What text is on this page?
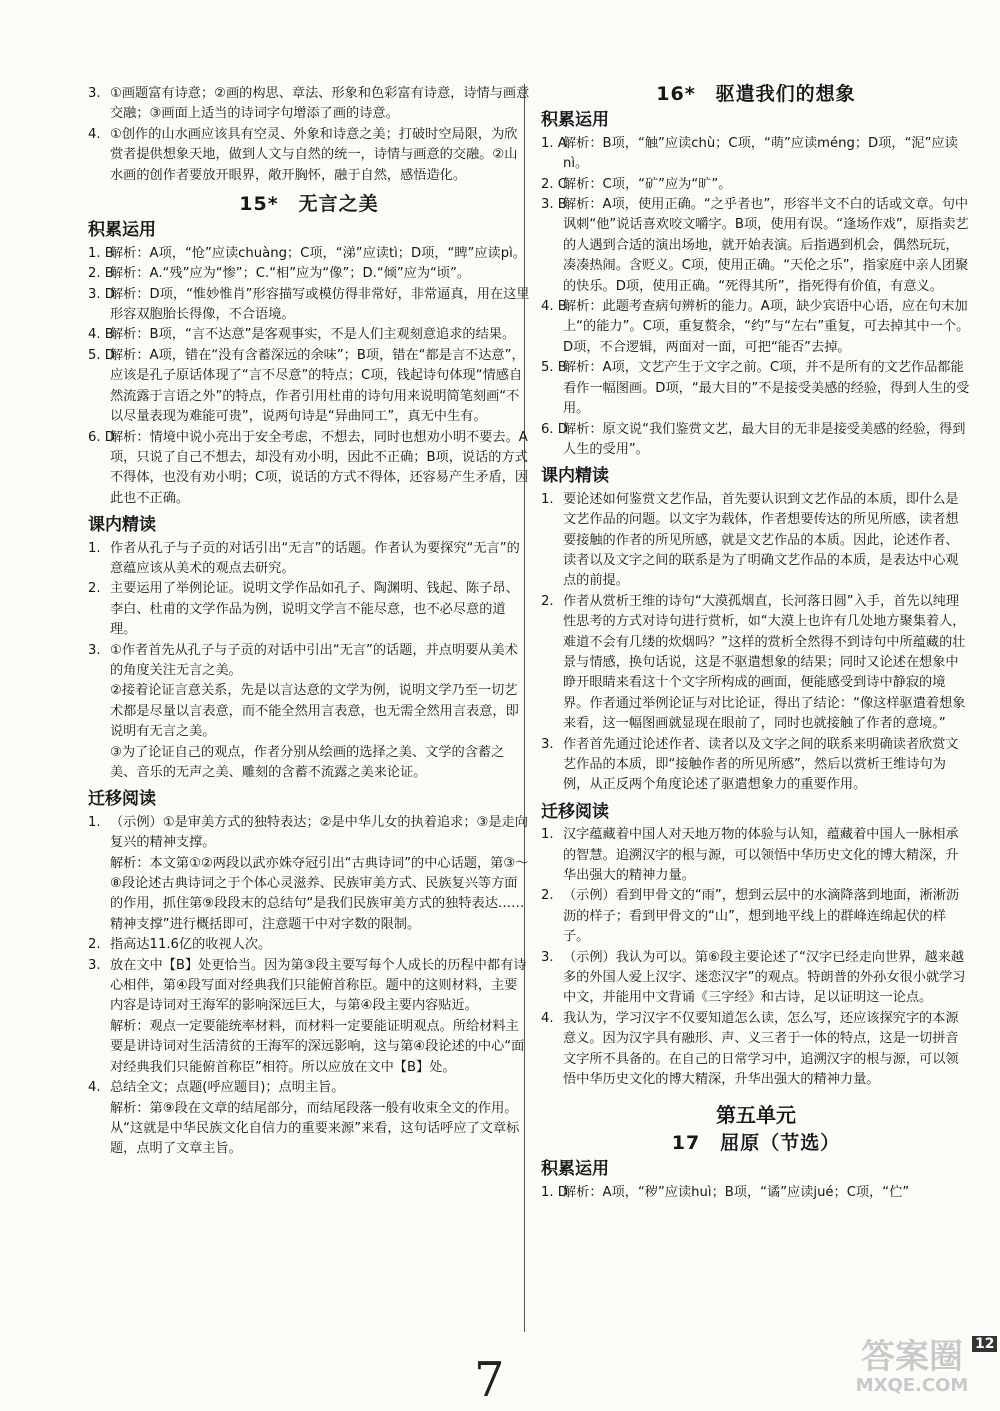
3. ①画题富有诗意；②画的构思、章法、形象和色彩富有诗意，诗情与画意交融；③画面上适当的诗词字句增添了画的诗意。
4. ①创作的山水画应该具有空灵、外象和诗意之美；打破时空局限，为欣赏者提供想象天地，做到人文与自然的统一，诗情与画意的交融。②山水画的创作者要放开眼界，敞开胸怀，融于自然，感悟造化。
15*　无言之美
积累运用
1. B
解析：A项，“怆”应读chuàng；C项，“涕”应读tì；D项，“睥”应读pì。
2. B
解析：A.“残”应为“惨”；C.“相”应为“像”；D.“倾”应为“顷”。
3. D
解析：D项，“惟妙惟肖”形容描写或模仿得非常好，非常逼真，用在这里形容双胞胎长得像，不合语境。
4. B
解析：B项，“言不达意”是客观事实，不是人们主观刻意追求的结果。
5. D
解析：A项，错在“没有含蓄深远的余味”；B项，错在“都是言不达意”，应该是孔子原话体现了“言不尽意”的特点；C项，钱起诗句体现“情感自然流露于言语之外”的特点，作者引用杜甫的诗句用来说明简笔刻画“不以尽量表现为难能可贵”，说两句诗是“异曲同工”，真无中生有。
6. D
解析：情境中说小亮出于安全考虑，不想去，同时也想劝小明不要去。A项，只说了自己不想去，却没有劝小明，因此不正确；B项，说话的方式不得体，也没有劝小明；C项，说话的方式不得体，还容易产生矛盾，因此也不正确。
课内精读
1. 作者从孔子与子贡的对话引出“无言”的话题。作者认为要探究“无言”的意蕴应该从美术的观点去研究。
2. 主要运用了举例论证。说明文学作品如孔子、陶渊明、钱起、陈子昂、李白、杜甫的文学作品为例，说明文学言不能尽意，也不必尽意的道理。
3. ①作者首先从孔子与子贡的对话中引出“无言”的话题，并点明要从美术的角度关注无言之美。

②接着论证言意关系，先是以言达意的文学为例，说明文学乃至一切艺术都是尽量以言表意，而不能全然用言表意，也无需全然用言表意，即说明有无言之美。

③为了论证自己的观点，作者分别从绘画的选择之美、文学的含蓄之美、音乐的无声之美、雕刻的含蓄不流露之美来论证。

迁移阅读
1. （示例）①是审美方式的独特表达；②是中华儿女的执着追求；③是走向复兴的精神支撑。

解析：本文第①②两段以武亦姝夺冠引出“古典诗词”的中心话题，第③～⑧段论述古典诗词之于个体心灵滋养、民族审美方式、民族复兴等方面的作用，抓住第⑨段段末的总结句“是我们民族审美方式的独特表达……精神支撑”进行概括即可，注意题干中对字数的限制。

2. 指高达11.6亿的收视人次。
3. 放在文中【B】处更恰当。因为第③段主要写每个人成长的历程中都有诗心相伴，第④段写面对经典我们只能俯首称臣。题中的这则材料，主要内容是诗词对王海军的影响深远巨大，与第④段主要内容贴近。

解析：观点一定要能统率材料，而材料一定要能证明观点。所给材料主要是讲诗词对生活清贫的王海军的深远影响，这与第④段论述的中心“面对经典我们只能俯首称臣”相符。所以应放在文中【B】处。

4. 总结全文；点题(呼应题目)；点明主旨。

解析：第⑨段在文章的结尾部分，而结尾段落一般有收束全文的作用。从“这就是中华民族文化自信力的重要来源”来看，这句话呼应了文章标题，点明了文章主旨。

16*　驱遣我们的想象
积累运用
1. A
解析：B项，“触”应读chù；C项，“萌”应读méng；D项，“泥”应读nì。
2. C
解析：C项，“矿”应为“旷”。
3. B
解析：A项，使用正确。“之乎者也”，形容半文不白的话或文章。句中讽刺“他”说话喜欢咬文嚼字。B项，使用有误。“逢场作戏”，原指卖艺的人遇到合适的演出场地，就开始表演。后指遇到机会，偶然玩玩，凑凑热闹。含贬义。C项，使用正确。“天伦之乐”，指家庭中亲人团聚的快乐。D项，使用正确。“死得其所”，指死得有价值，有意义。
4. B
解析：此题考查病句辨析的能力。A项，缺少宾语中心语，应在句末加上“的能力”。C项，重复赘余，“约”与“左右”重复，可去掉其中一个。D项，不合逻辑，两面对一面，可把“能否”去掉。
5. B
解析：A项，文艺产生于文字之前。C项，并不是所有的文艺作品都能看作一幅图画。D项，“最大目的”不是接受美感的经验，得到人生的受用。
6. D
解析：原文说“我们鉴赏文艺，最大目的无非是接受美感的经验，得到人生的受用”。
课内精读
1. 要论述如何鉴赏文艺作品，首先要认识到文艺作品的本质，即什么是文艺作品的问题。以文字为载体，作者想要传达的所见所感，读者想要接触的作者的所见所感，就是文艺作品的本质。因此，论述作者、读者以及文字之间的联系是为了明确文艺作品的本质，是表达中心观点的前提。
2. 作者从赏析王维的诗句“大漠孤烟直，长河落日圆”入手，首先以纯理性思考的方式对诗句进行赏析，如“大漠上也许有几处地方聚集着人，难道不会有几缕的炊烟吗？”这样的赏析全然得不到诗句中所蕴藏的壮景与情感，换句话说，这是不驱遣想象的结果；同时又论述在想象中睁开眼睛来看这十个文字所构成的画面，便能感受到诗中静寂的境界。作者通过举例论证与对比论证，得出了结论：“像这样驱遣着想象来看，这一幅图画就显现在眼前了，同时也就接触了作者的意境。”
3. 作者首先通过论述作者、读者以及文字之间的联系来明确读者欣赏文艺作品的本质，即“接触作者的所见所感”，然后以赏析王维诗句为例，从正反两个角度论述了驱遣想象力的重要作用。
迁移阅读
1. 汉字蕴藏着中国人对天地万物的体验与认知，蕴藏着中国人一脉相承的智慧。追溯汉字的根与源，可以领悟中华历史文化的博大精深，升华出强大的精神力量。
2. （示例）看到甲骨文的“雨”，想到云层中的水滴降落到地面，淅淅沥沥的样子；看到甲骨文的“山”，想到地平线上的群峰连绵起伏的样子。
3. （示例）我认为可以。第⑥段主要论述了“汉字已经走向世界，越来越多的外国人爱上汉字、迷恋汉字”的观点。特朗普的外孙女很小就学习中文，并能用中文背诵《三字经》和古诗，足以证明这一论点。
4. 我认为，学习汉字不仅要知道怎么读，怎么写，还应该探究字的本源意义。因为汉字具有融形、声、义三者于一体的特点，这是一切拼音文字所不具备的。在自己的日常学习中，追溯汉字的根与源，可以领悟中华历史文化的博大精深，升华出强大的精神力量。
第五单元
17　屈原（节选）
积累运用
1. D
解析：A项，“秽”应读huì；B项，“谲”应读jué；C项，“伫”
7
12
答案圈
MXQE.COM
